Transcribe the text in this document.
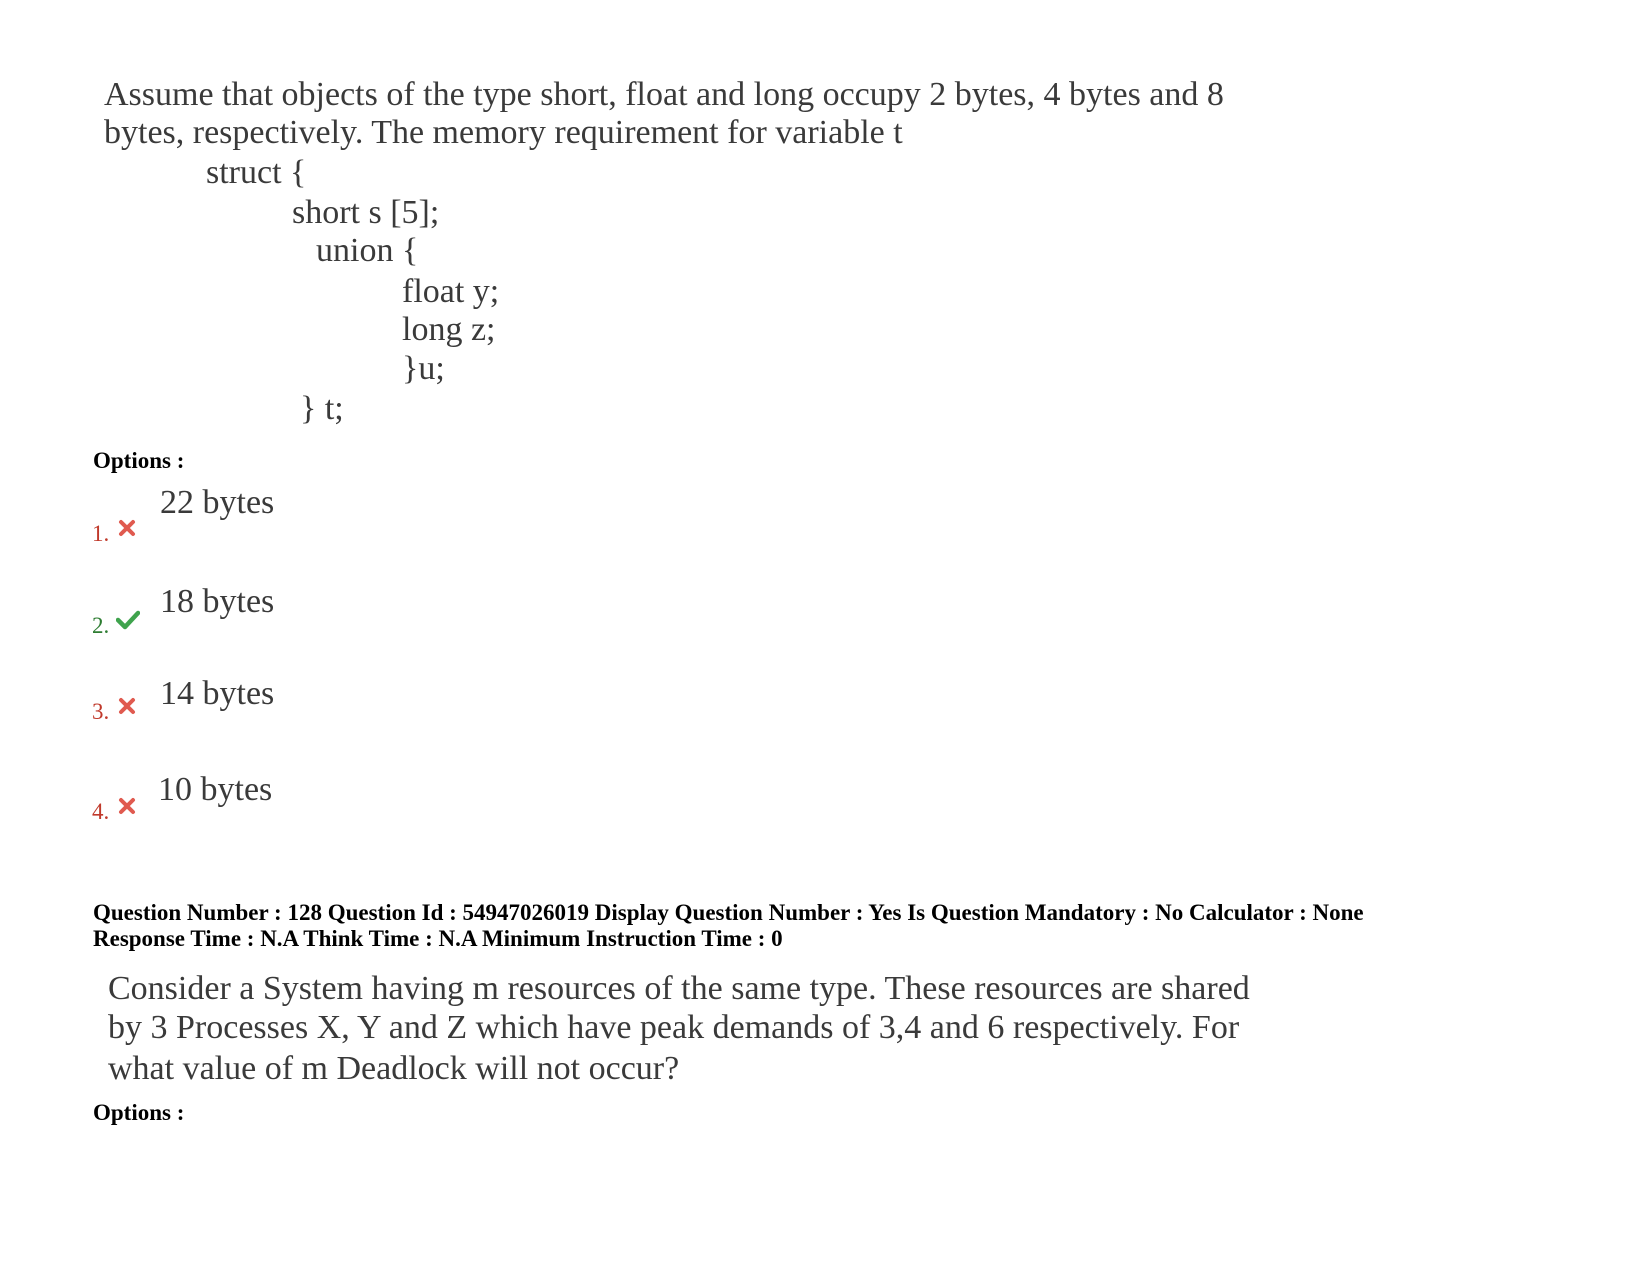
Assume that objects of the type short, float and long occupy 2 bytes, 4 bytes and 8
bytes, respectively. The memory requirement for variable t
struct {
short s [5];
union {
float y;
long z;
}u;
} t;
Options :
1.
22 bytes
2.
18 bytes
3. 14 bytes
4.
10 bytes
Question Number : 128 Question Id : 54947026019 Display Question Number : Yes Is Question Mandatory : No Calculator : None
Response Time : N.A Think Time : N.A Minimum Instruction Time : 0
Consider a System having m resources of the same type. These resources are shared
by 3 Processes X, Y and Z which have peak demands of 3,4 and 6 respectively. For
what value of m Deadlock will not occur?
Options :
